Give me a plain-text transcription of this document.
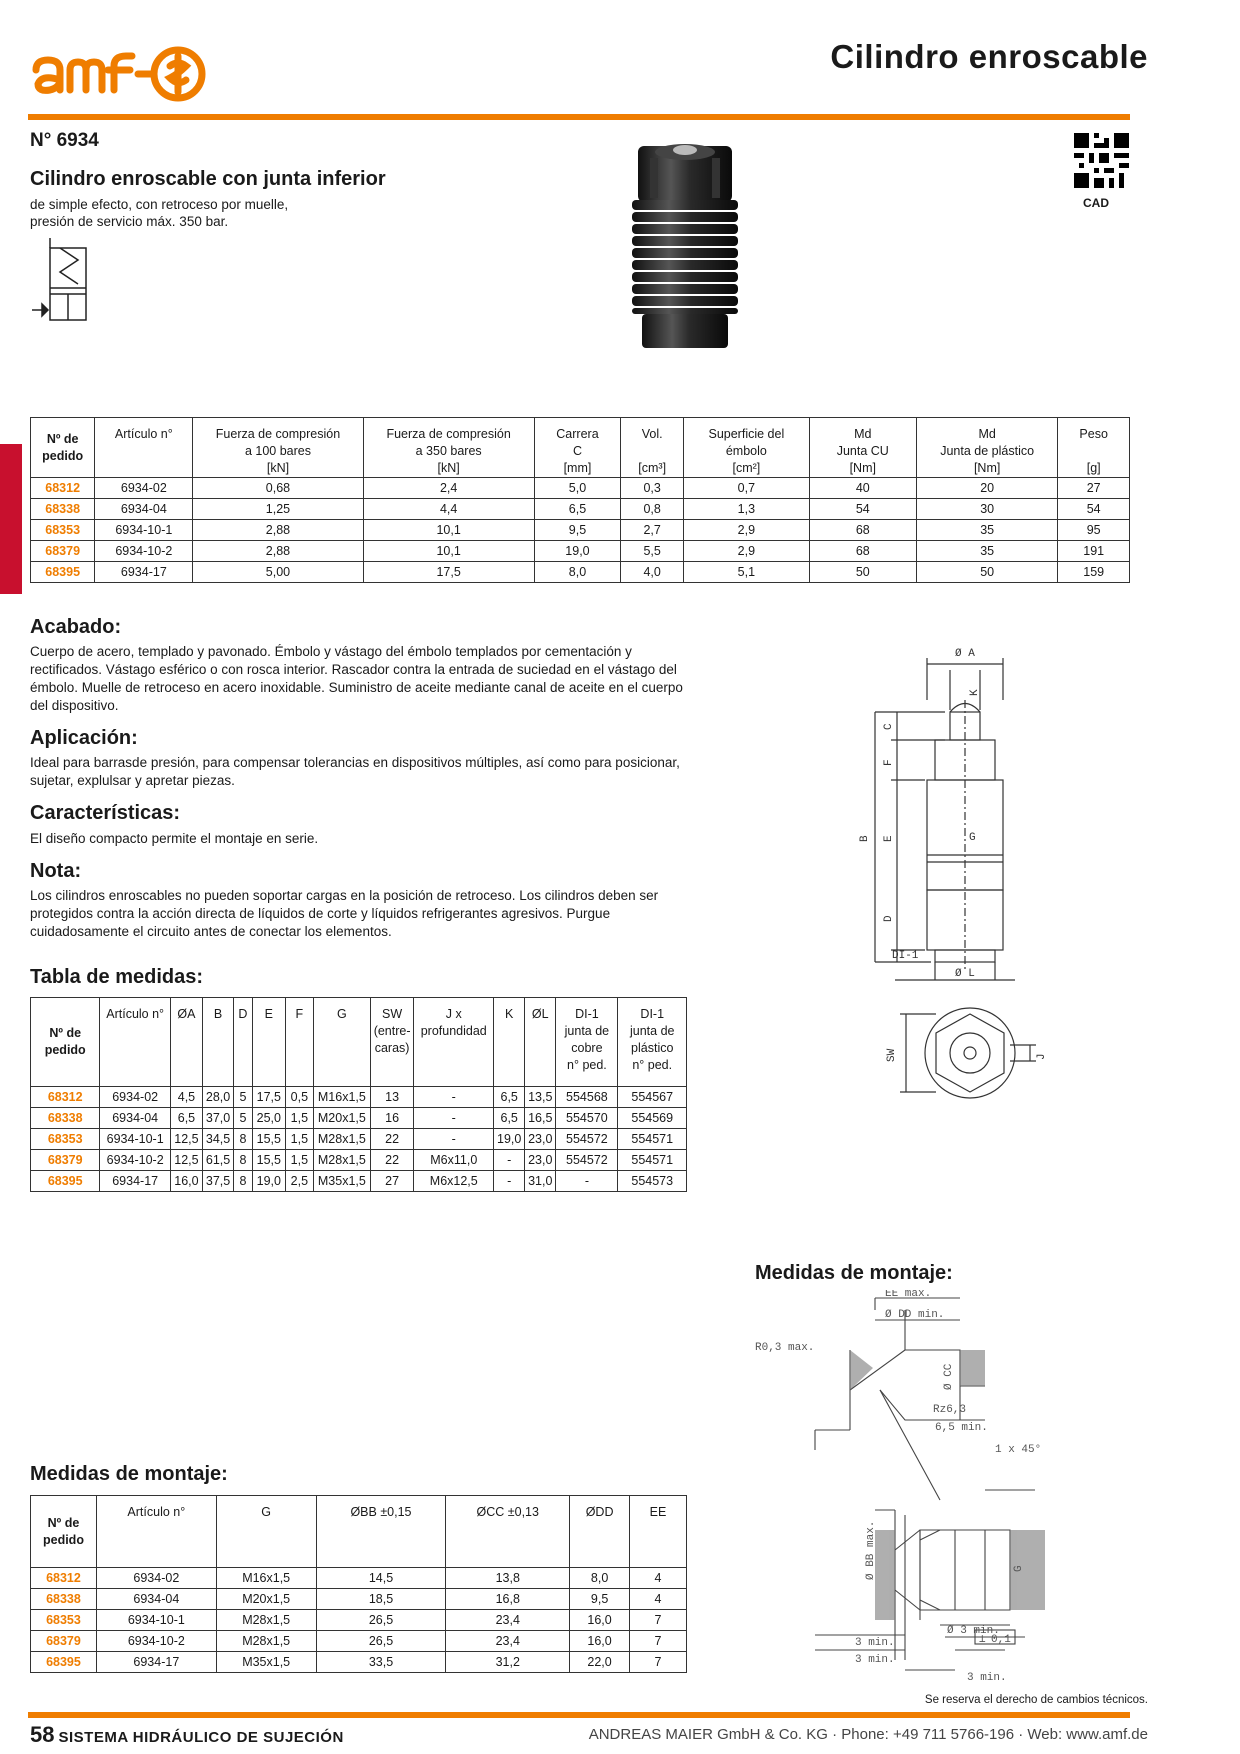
Cilindro enroscable
N° 6934
Cilindro enroscable con junta inferior
de simple efecto, con retroceso por muelle,
presión de servicio máx. 350 bar.
CAD
Nº de
pedido	Artículo n°	Fuerza de compresión
a 100 bares
[kN]	Fuerza de compresión
a 350 bares
[kN]	Carrera
C
[mm]	Vol.

[cm³]	Superficie del
émbolo
[cm²]	Md
Junta CU
[Nm]	Md
Junta de plástico
[Nm]	Peso

[g]
68312	6934-02	0,68	2,4	5,0	0,3	0,7	40	20	27
68338	6934-04	1,25	4,4	6,5	0,8	1,3	54	30	54
68353	6934-10-1	2,88	10,1	9,5	2,7	2,9	68	35	95
68379	6934-10-2	2,88	10,1	19,0	5,5	2,9	68	35	191
68395	6934-17	5,00	17,5	8,0	4,0	5,1	50	50	159
Acabado:
Cuerpo de acero, templado y pavonado. Émbolo y vástago del émbolo templados por cementación y rectificados. Vástago esférico o con rosca interior. Rascador contra la entrada de suciedad en el vástago del émbolo. Muelle de retroceso en acero inoxidable. Suministro de aceite mediante canal de aceite en el cuerpo del dispositivo.
Aplicación:
Ideal para barrasde presión, para compensar tolerancias en dispositivos múltiples, así como para posicionar, sujetar, explulsar y apretar piezas.
Características:
El diseño compacto permite el montaje en serie.
Nota:
Los cilindros enroscables no pueden soportar cargas en la posición de retroceso. Los cilindros deben ser protegidos contra la acción directa de líquidos de corte y líquidos refrigerantes agresivos. Purgue cuidadosamente el circuito antes de conectar los elementos.
Tabla de medidas:
Nº de
pedido	Artículo n°	ØA	B	D	E	F	G	SW
(entre-
caras)	J x
profundidad	K	ØL	DI-1
junta de
cobre
n° ped.	DI-1
junta de
plástico
n° ped.
68312	6934-02	4,5	28,0	5	17,5	0,5	M16x1,5	13	-	6,5	13,5	554568	554567
68338	6934-04	6,5	37,0	5	25,0	1,5	M20x1,5	16	-	6,5	16,5	554570	554569
68353	6934-10-1	12,5	34,5	8	15,5	1,5	M28x1,5	22	-	19,0	23,0	554572	554571
68379	6934-10-2	12,5	61,5	8	15,5	1,5	M28x1,5	22	M6x11,0	-	23,0	554572	554571
68395	6934-17	16,0	37,5	8	19,0	2,5	M35x1,5	27	M6x12,5	-	31,0	-	554573
Ø A
C
K
F
B E	G
D
DI-1
Ø L
SW	J
Medidas de montaje:
Medidas de montaje:
EE max.
Ø DD min.
R0,3 max.
Ø CC
Rz6,3
6,5 min.
1 x 45°
Ø BB max.	G
Ø 3 min.
3 min.
3 min.
3 min.
⊥ 0,1
Nº de
pedido	Artículo n°	G	ØBB ±0,15	ØCC ±0,13	ØDD	EE
68312	6934-02	M16x1,5	14,5	13,8	8,0	4
68338	6934-04	M20x1,5	18,5	16,8	9,5	4
68353	6934-10-1	M28x1,5	26,5	23,4	16,0	7
68379	6934-10-2	M28x1,5	26,5	23,4	16,0	7
68395	6934-17	M35x1,5	33,5	31,2	22,0	7
Se reserva el derecho de cambios técnicos.
58 SISTEMA HIDRÁULICO DE SUJECIÓN	ANDREAS MAIER GmbH & Co. KG · Phone: +49 711 5766-196 · Web: www.amf.de
